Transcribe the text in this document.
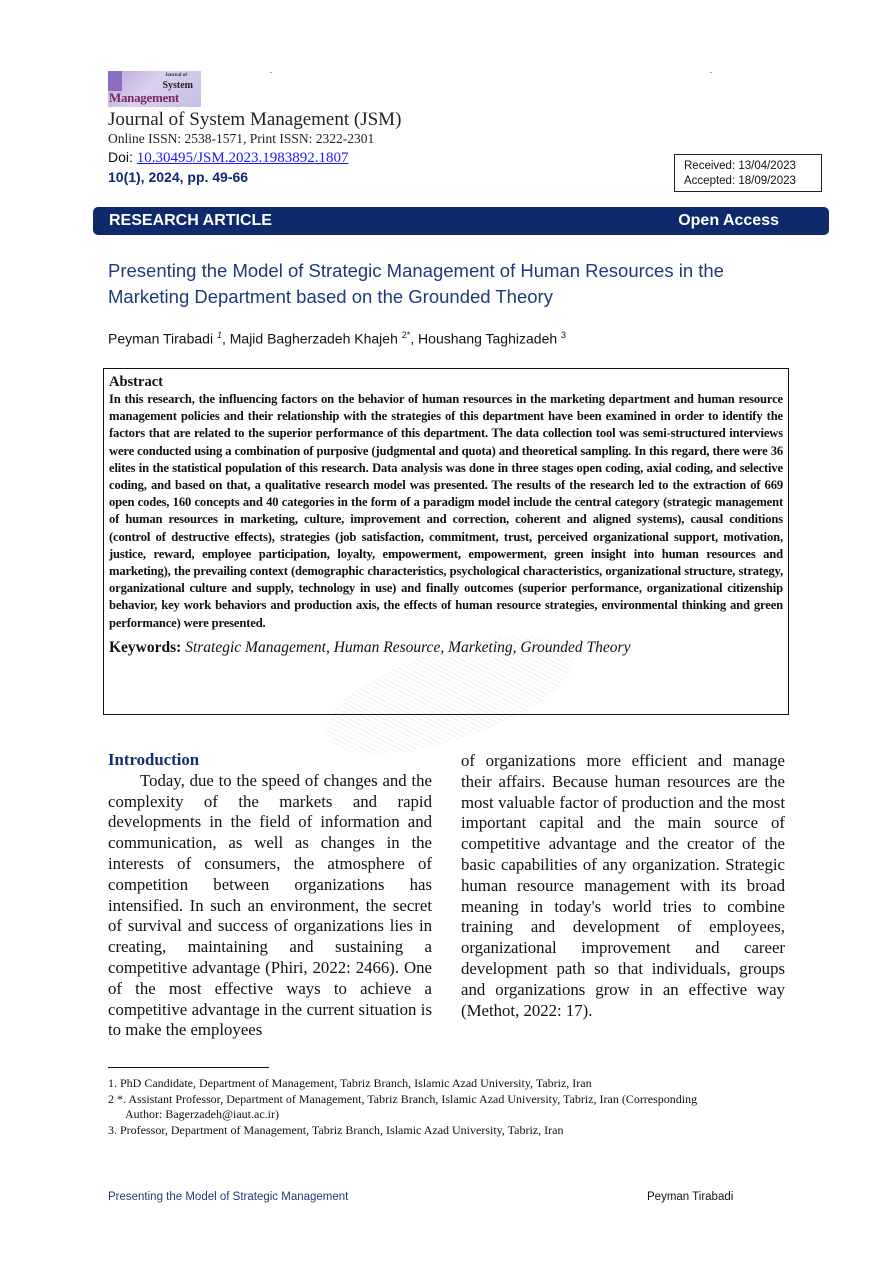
Journal of
System
Management
Journal of System Management (JSM)
Online ISSN: 2538-1571, Print ISSN: 2322-2301
Doi: 10.30495/JSM.2023.1983892.1807
10(1), 2024, pp. 49-66
Received: 13/04/2023
Accepted: 18/09/2023
RESEARCH ARTICLE	Open Access
Presenting the Model of Strategic Management of Human Resources in the Marketing Department based on the Grounded Theory
Peyman Tirabadi $^1$, Majid Bagherzadeh Khajeh $^{2*}$, Houshang Taghizadeh $^3$
Abstract
In this research, the influencing factors on the behavior of human resources in the marketing department and human resource management policies and their relationship with the strategies of this department have been examined in order to identify the factors that are related to the superior performance of this department. The data collection tool was semi-structured interviews were conducted using a combination of purposive (judgmental and quota) and theoretical sampling. In this regard, there were 36 elites in the statistical population of this research. Data analysis was done in three stages open coding, axial coding, and selective coding, and based on that, a qualitative research model was presented. The results of the research led to the extraction of 669 open codes, 160 concepts and 40 categories in the form of a paradigm model include the central category (strategic management of human resources in marketing, culture, improvement and correction, coherent and aligned systems), causal conditions (control of destructive effects), strategies (job satisfaction, commitment, trust, perceived organizational support, motivation, justice, reward, employee participation, loyalty, empowerment, empowerment, green insight into human resources and marketing), the prevailing context (demographic characteristics, psychological characteristics, organizational structure, strategy, organizational culture and supply, technology in use) and finally outcomes (superior performance, organizational citizenship behavior, key work behaviors and production axis, the effects of human resource strategies, environmental thinking and green performance) were presented.
Keywords: Strategic Management, Human Resource, Marketing, Grounded Theory
Introduction
Today, due to the speed of changes and the complexity of the markets and rapid developments in the field of information and communication, as well as changes in the interests of consumers, the atmosphere of competition between organizations has intensified. In such an environment, the secret of survival and success of organizations lies in creating, maintaining and sustaining a competitive advantage (Phiri, 2022: 2466). One of the most effective ways to achieve a competitive advantage in the current situation is to make the employees
of organizations more efficient and manage their affairs. Because human resources are the most valuable factor of production and the most important capital and the main source of competitive advantage and the creator of the basic capabilities of any organization. Strategic human resource management with its broad meaning in today's world tries to combine training and development of employees, organizational improvement and career development path so that individuals, groups and organizations grow in an effective way (Methot, 2022: 17).
1. PhD Candidate, Department of Management, Tabriz Branch, Islamic Azad University, Tabriz, Iran
2 *. Assistant Professor, Department of Management, Tabriz Branch, Islamic Azad University, Tabriz, Iran (Corresponding
Author: Bagerzadeh@iaut.ac.ir)
3. Professor, Department of Management, Tabriz Branch, Islamic Azad University, Tabriz, Iran
Presenting the Model of Strategic Management	Peyman Tirabadi
